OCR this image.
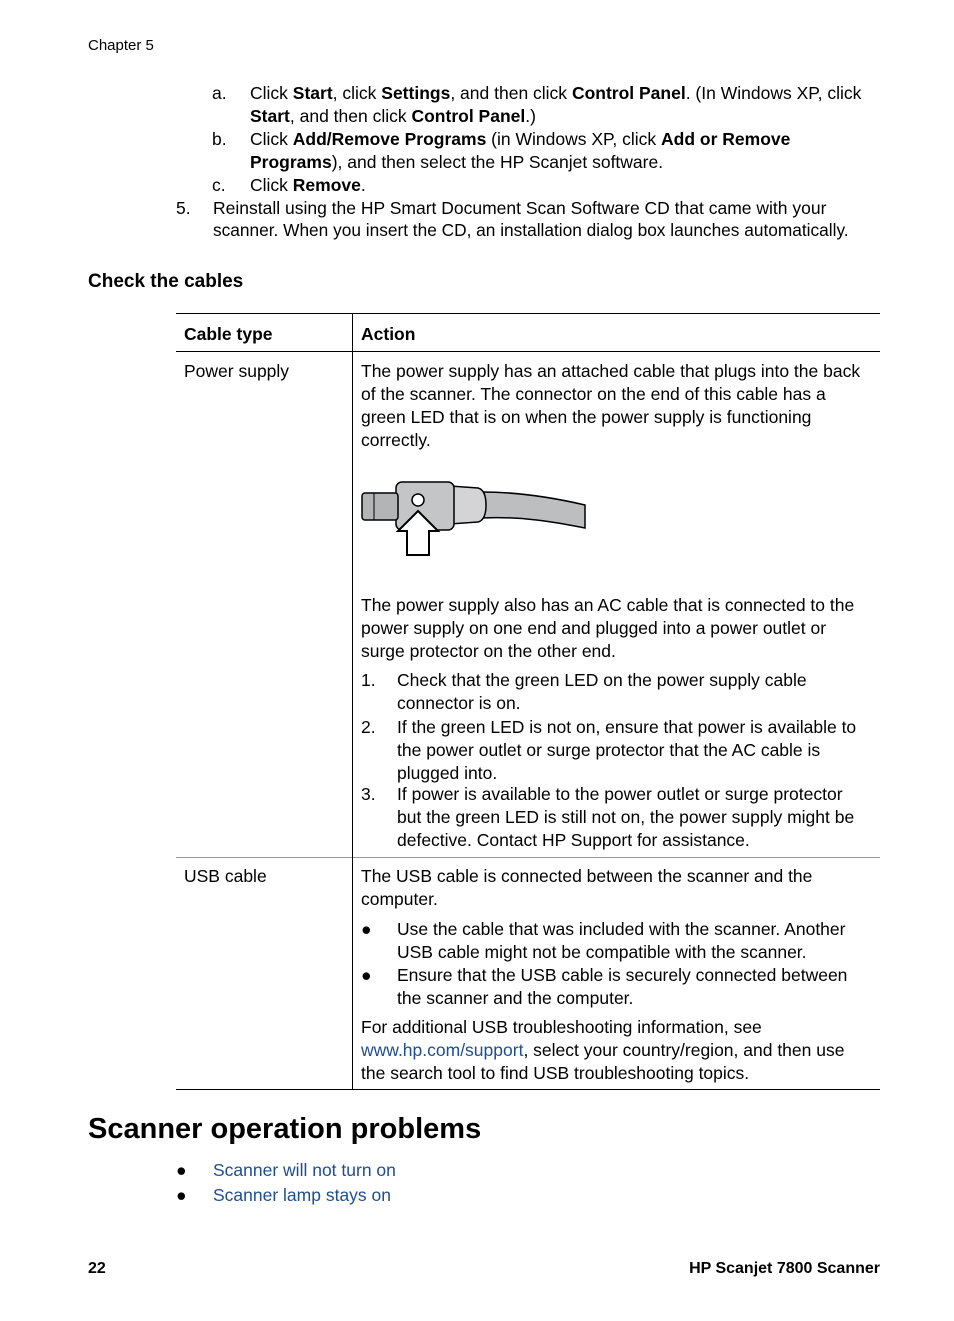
Chapter 5
a. Click Start, click Settings, and then click Control Panel. (In Windows XP, click
Start, and then click Control Panel.)
b. Click Add/Remove Programs (in Windows XP, click Add or Remove
Programs), and then select the HP Scanjet software.
c. Click Remove.
5. Reinstall using the HP Smart Document Scan Software CD that came with your
scanner. When you insert the CD, an installation dialog box launches automatically.
Check the cables
Cable type	Action
Power supply	The power supply has an attached cable that plugs into the back
of the scanner. The connector on the end of this cable has a
green LED that is on when the power supply is functioning
correctly.
The power supply also has an AC cable that is connected to the
power supply on one end and plugged into a power outlet or
surge protector on the other end.
1. Check that the green LED on the power supply cable
connector is on.
2. If the green LED is not on, ensure that power is available to
the power outlet or surge protector that the AC cable is
plugged into.
3. If power is available to the power outlet or surge protector
but the green LED is still not on, the power supply might be
defective. Contact HP Support for assistance.
USB cable	The USB cable is connected between the scanner and the
computer.
● Use the cable that was included with the scanner. Another
USB cable might not be compatible with the scanner.
● Ensure that the USB cable is securely connected between
the scanner and the computer.
For additional USB troubleshooting information, see
www.hp.com/support, select your country/region, and then use
the search tool to find USB troubleshooting topics.
Scanner operation problems
● Scanner will not turn on
● Scanner lamp stays on
22	HP Scanjet 7800 Scanner
